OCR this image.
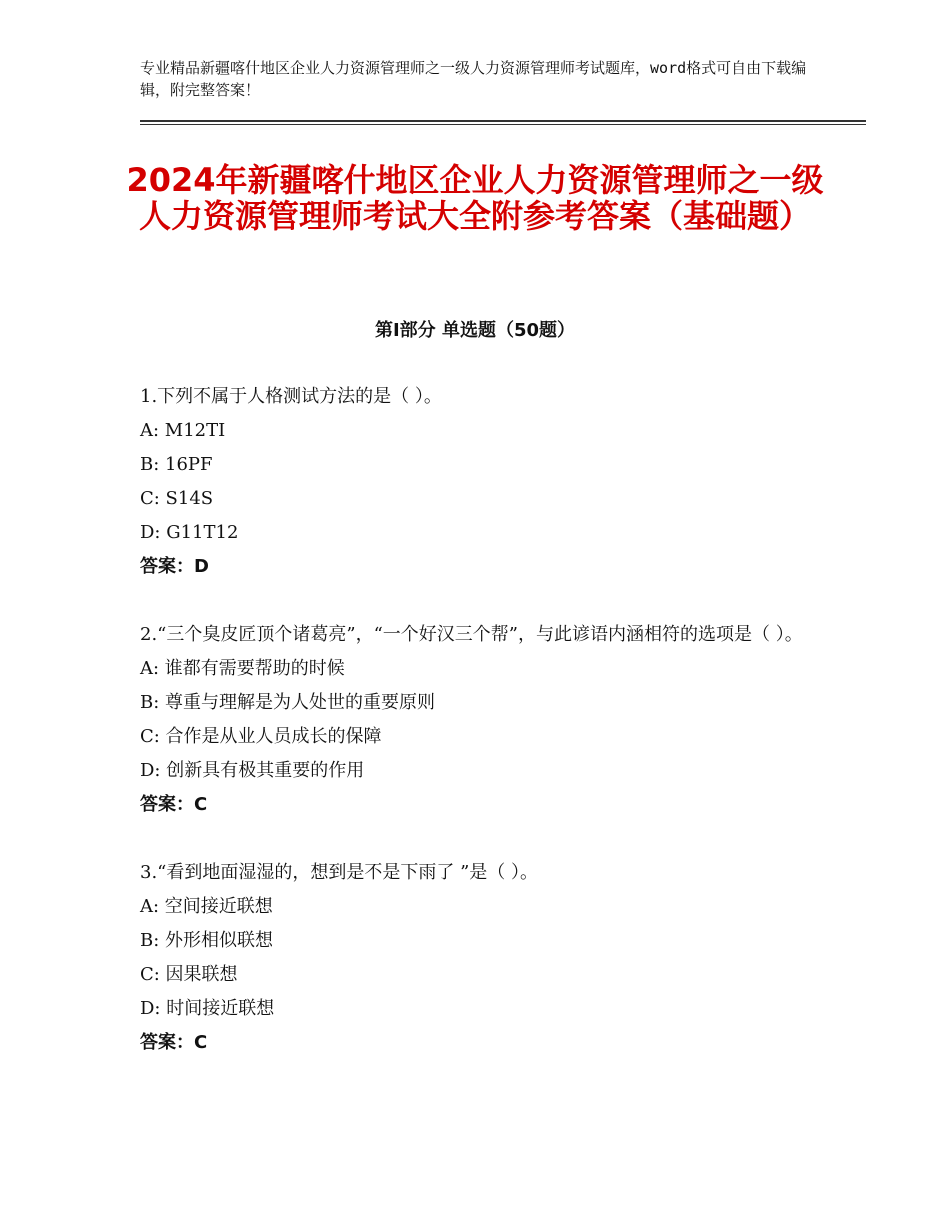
专业精品新疆喀什地区企业人力资源管理师之一级人力资源管理师考试题库，word格式可自由下载编辑，附完整答案！
2024年新疆喀什地区企业人力资源管理师之一级人力资源管理师考试大全附参考答案（基础题）
第Ⅰ部分 单选题（50题）
1.下列不属于人格测试方法的是（ ）。
A: M12TI
B: 16PF
C: S14S
D: G11T12
答案：D
2.“三个臭皮匠顶个诸葛亮”，“一个好汉三个帮”，与此谚语内涵相符的选项是（ ）。
A: 谁都有需要帮助的时候
B: 尊重与理解是为人处世的重要原则
C: 合作是从业人员成长的保障
D: 创新具有极其重要的作用
答案：C
3.“看到地面湿湿的，想到是不是下雨了 ”是（ ）。
A: 空间接近联想
B: 外形相似联想
C: 因果联想
D: 时间接近联想
答案：C
